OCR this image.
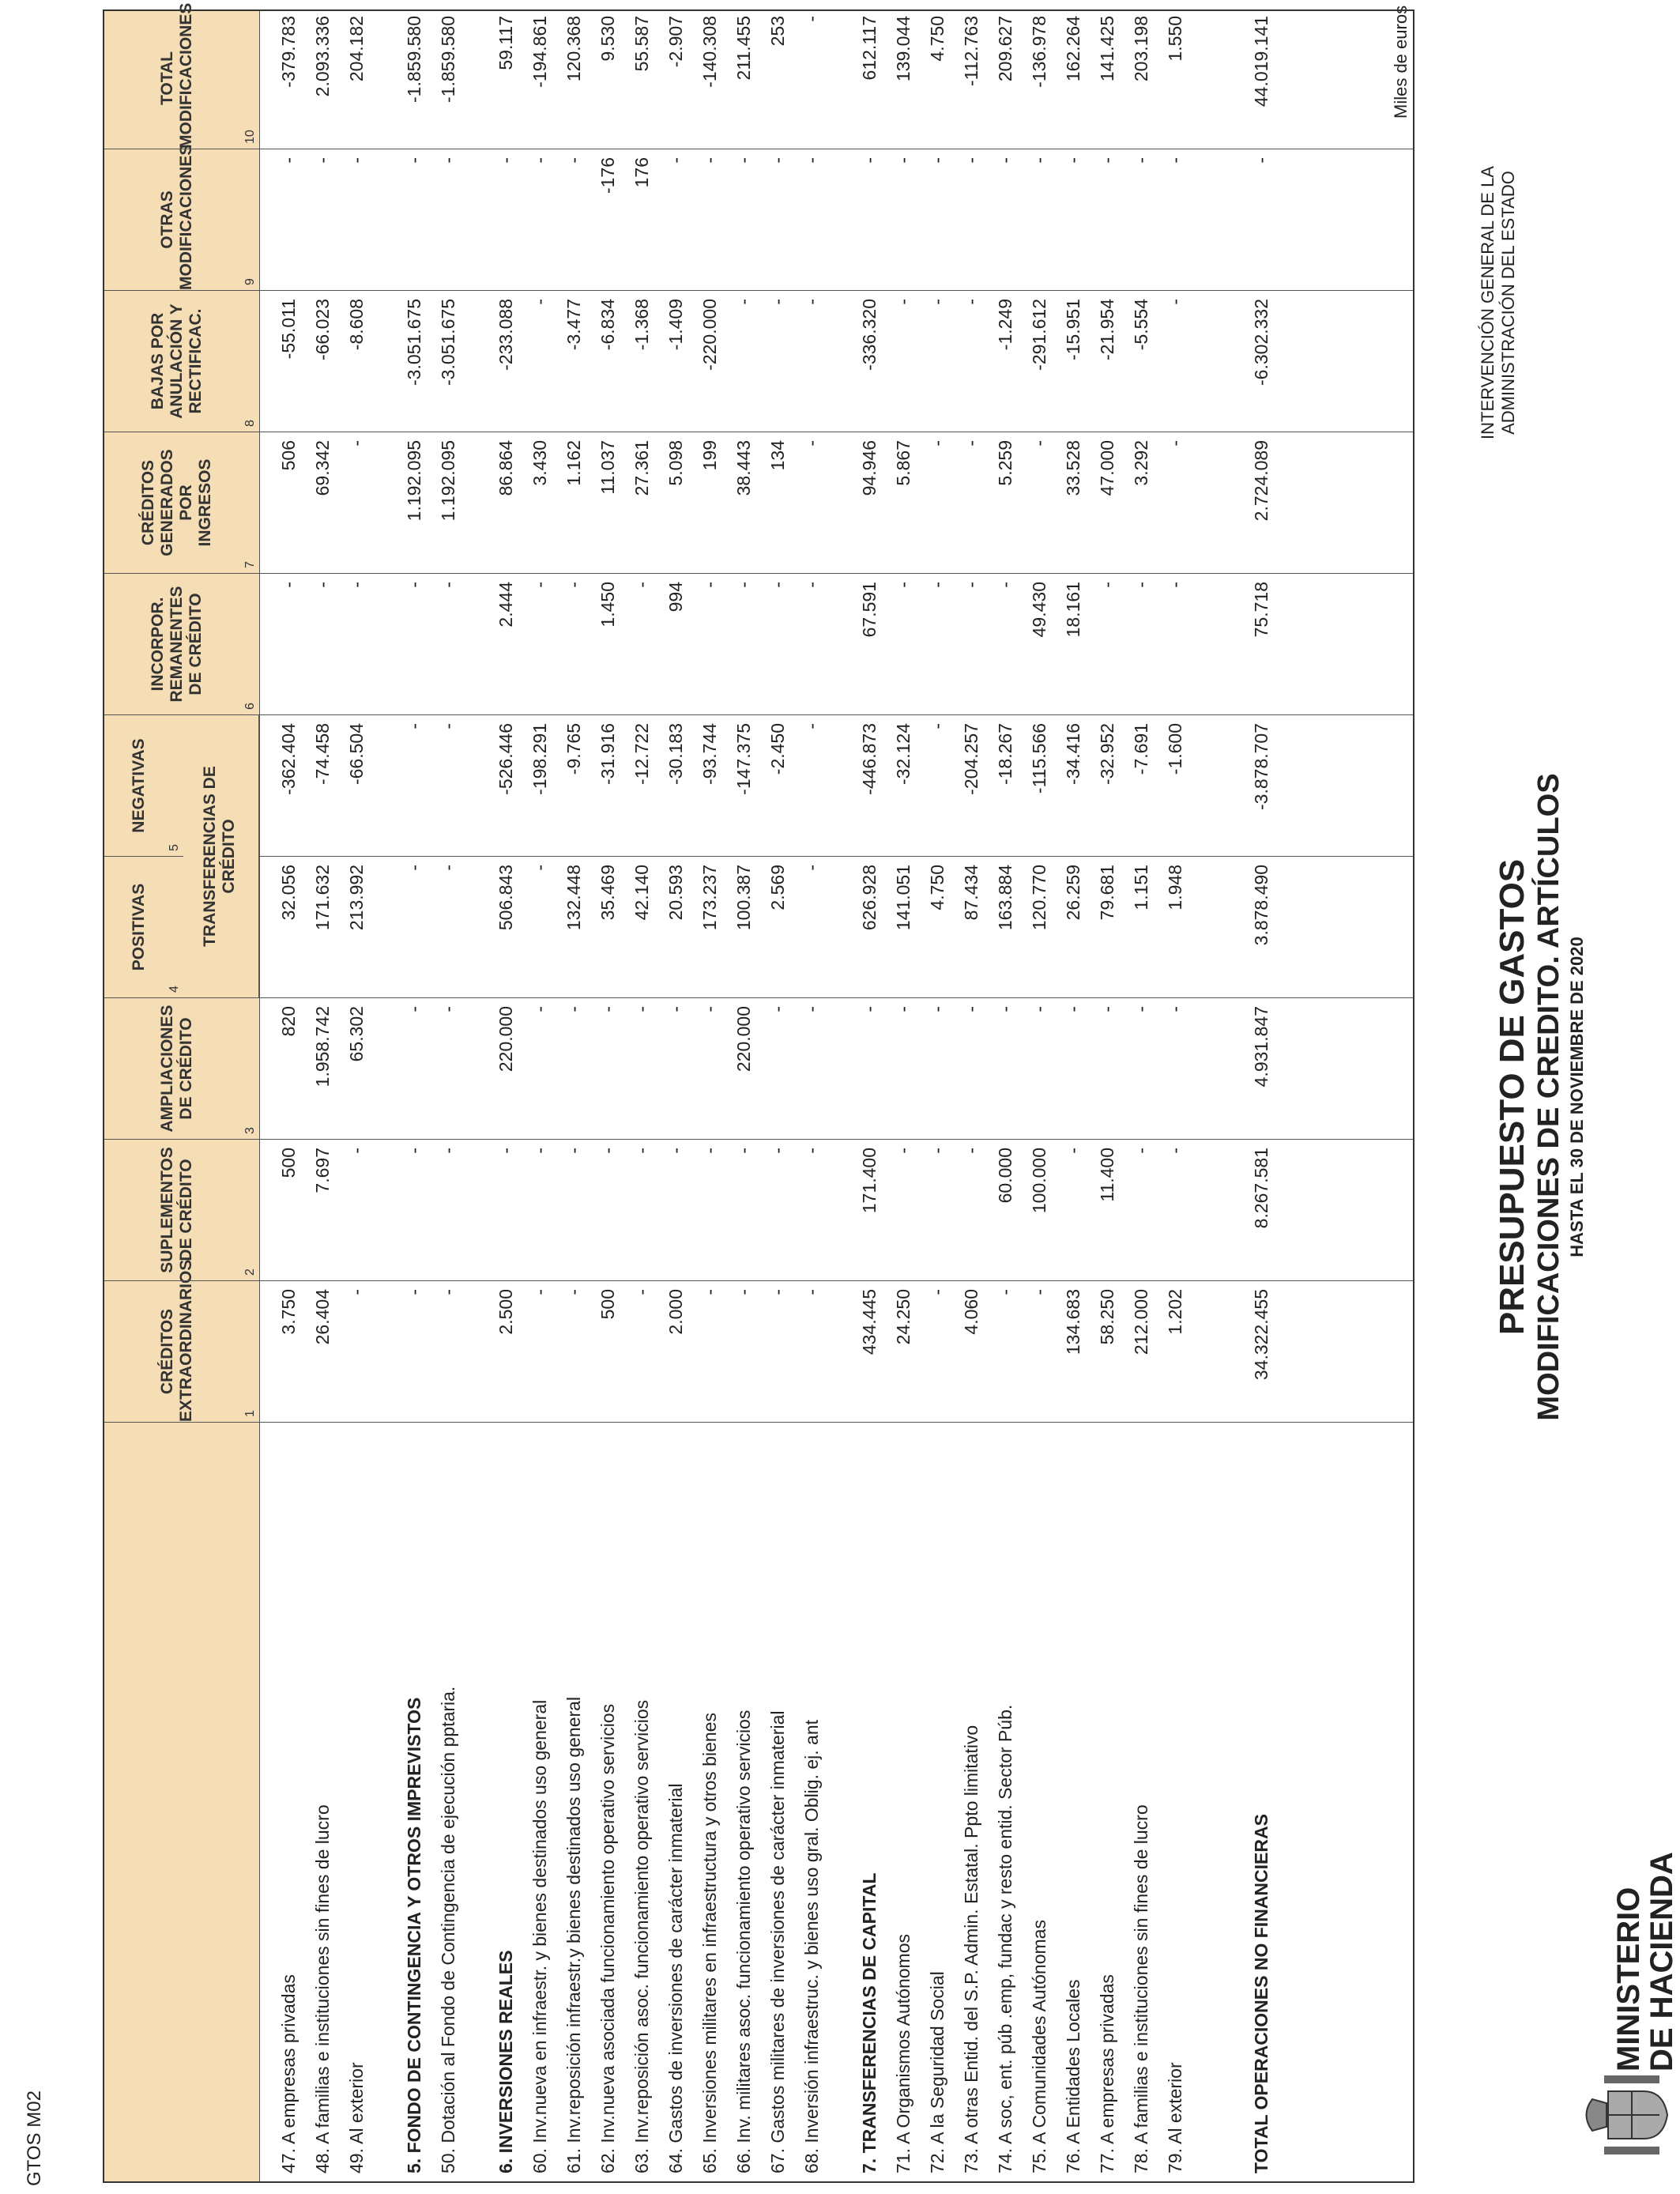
MINISTERIO
DE HACIENDA
PRESUPUESTO DE GASTOS MODIFICACIONES DE CREDITO. ARTÍCULOS HASTA EL 30 DE NOVIEMBRE DE 2020
INTERVENCIÓN GENERAL DE LA ADMINISTRACIÓN DEL ESTADO
Miles de euros
GTOS M02
1
CRÉDITOS EXTRAORDINARIOS	2
SUPLEMENTOS DE CRÉDITO
3
AMPLIACIONES DE CRÉDITO
4
POSITIVAS
5
NEGATIVAS
6
INCORPOR. REMANENTES DE CRÉDITO
7
CRÉDITOS GENERADOS POR INGRESOS
8
BAJAS POR ANULACIÓN Y RECTIFICAC.
9
OTRAS MODIFICACIONES
10
TOTAL MODIFICACIONES
TRANSFERENCIAS DE CRÉDITO
47. A empresas privadas
3.750
500
820
32.056
-362.404
-
506
-55.011
-
-379.783
48. A familias e instituciones sin fines de lucro
26.404
7.697
1.958.742
171.632
-74.458
-
69.342
-66.023
-
2.093.336
49. Al exterior
-
-
65.302
213.992
-66.504
-
-
-8.608
-
204.182
5. FONDO DE CONTINGENCIA Y OTROS IMPREVISTOS
-
-
-
-
-
-
1.192.095
-3.051.675
-
-1.859.580
50. Dotación al Fondo de Contingencia de ejecución pptaria.
-
-
-
-
-
-
1.192.095
-3.051.675
-
-1.859.580
6. INVERSIONES REALES
2.500
-
220.000
506.843
-526.446
2.444
86.864
-233.088
-
59.117
60. Inv.nueva en infraestr. y bienes destinados uso general
-
-
-
-
-198.291
-
3.430
-
-
-194.861
61. Inv.reposición infraestr.y bienes destinados uso general
-
-
-
132.448
-9.765
-
1.162
-3.477
-
120.368
62. Inv.nueva asociada funcionamiento operativo servicios
500
-
-
35.469
-31.916
1.450
11.037
-6.834
-176
9.530
63. Inv.reposición asoc. funcionamiento operativo servicios
-
-
-
42.140
-12.722
-
27.361
-1.368
176
55.587
64. Gastos de inversiones de carácter inmaterial
2.000
-
-
20.593
-30.183
994
5.098
-1.409
-
-2.907
65. Inversiones militares en infraestructura y otros bienes
-
-
-
173.237
-93.744
-
199
-220.000
-
-140.308
66. Inv. militares asoc. funcionamiento operativo servicios
-
-
220.000
100.387
-147.375
-
38.443
-
-
211.455
67. Gastos militares de inversiones de carácter inmaterial
-
-
-
2.569
-2.450
-
134
-
-
253
68. Inversión infraestruc. y bienes uso gral. Oblig. ej. ant
-
-
-
-
-
-
-
-
-
-
7. TRANSFERENCIAS DE CAPITAL
434.445
171.400
-
626.928
-446.873
67.591
94.946
-336.320
-
612.117
71. A Organismos Autónomos
24.250
-
-
141.051
-32.124
-
5.867
-
-
139.044
72. A la Seguridad Social
-
-
-
4.750
-
-
-
-
-
4.750
73. A otras Entid. del S.P. Admin. Estatal. Ppto limitativo
4.060
-
-
87.434
-204.257
-
-
-
-
-112.763
74. A soc, ent. púb .emp, fundac y resto entid. Sector Púb.
-
60.000
-
163.884
-18.267
-
5.259
-1.249
-
209.627
75. A Comunidades Autónomas
-
100.000
-
120.770
-115.566
49.430
-
-291.612
-
-136.978
76. A Entidades Locales
134.683
-
-
26.259
-34.416
18.161
33.528
-15.951
-
162.264
77. A empresas privadas
58.250
11.400
-
79.681
-32.952
-
47.000
-21.954
-
141.425
78. A familias e instituciones sin fines de lucro
212.000
-
-
1.151
-7.691
-
3.292
-5.554
-
203.198
79. Al exterior
1.202
-
-
1.948
-1.600
-
-
-
-
1.550
TOTAL OPERACIONES NO FINANCIERAS
34.322.455
8.267.581
4.931.847
3.878.490
-3.878.707
75.718
2.724.089
-6.302.332
-
44.019.141
